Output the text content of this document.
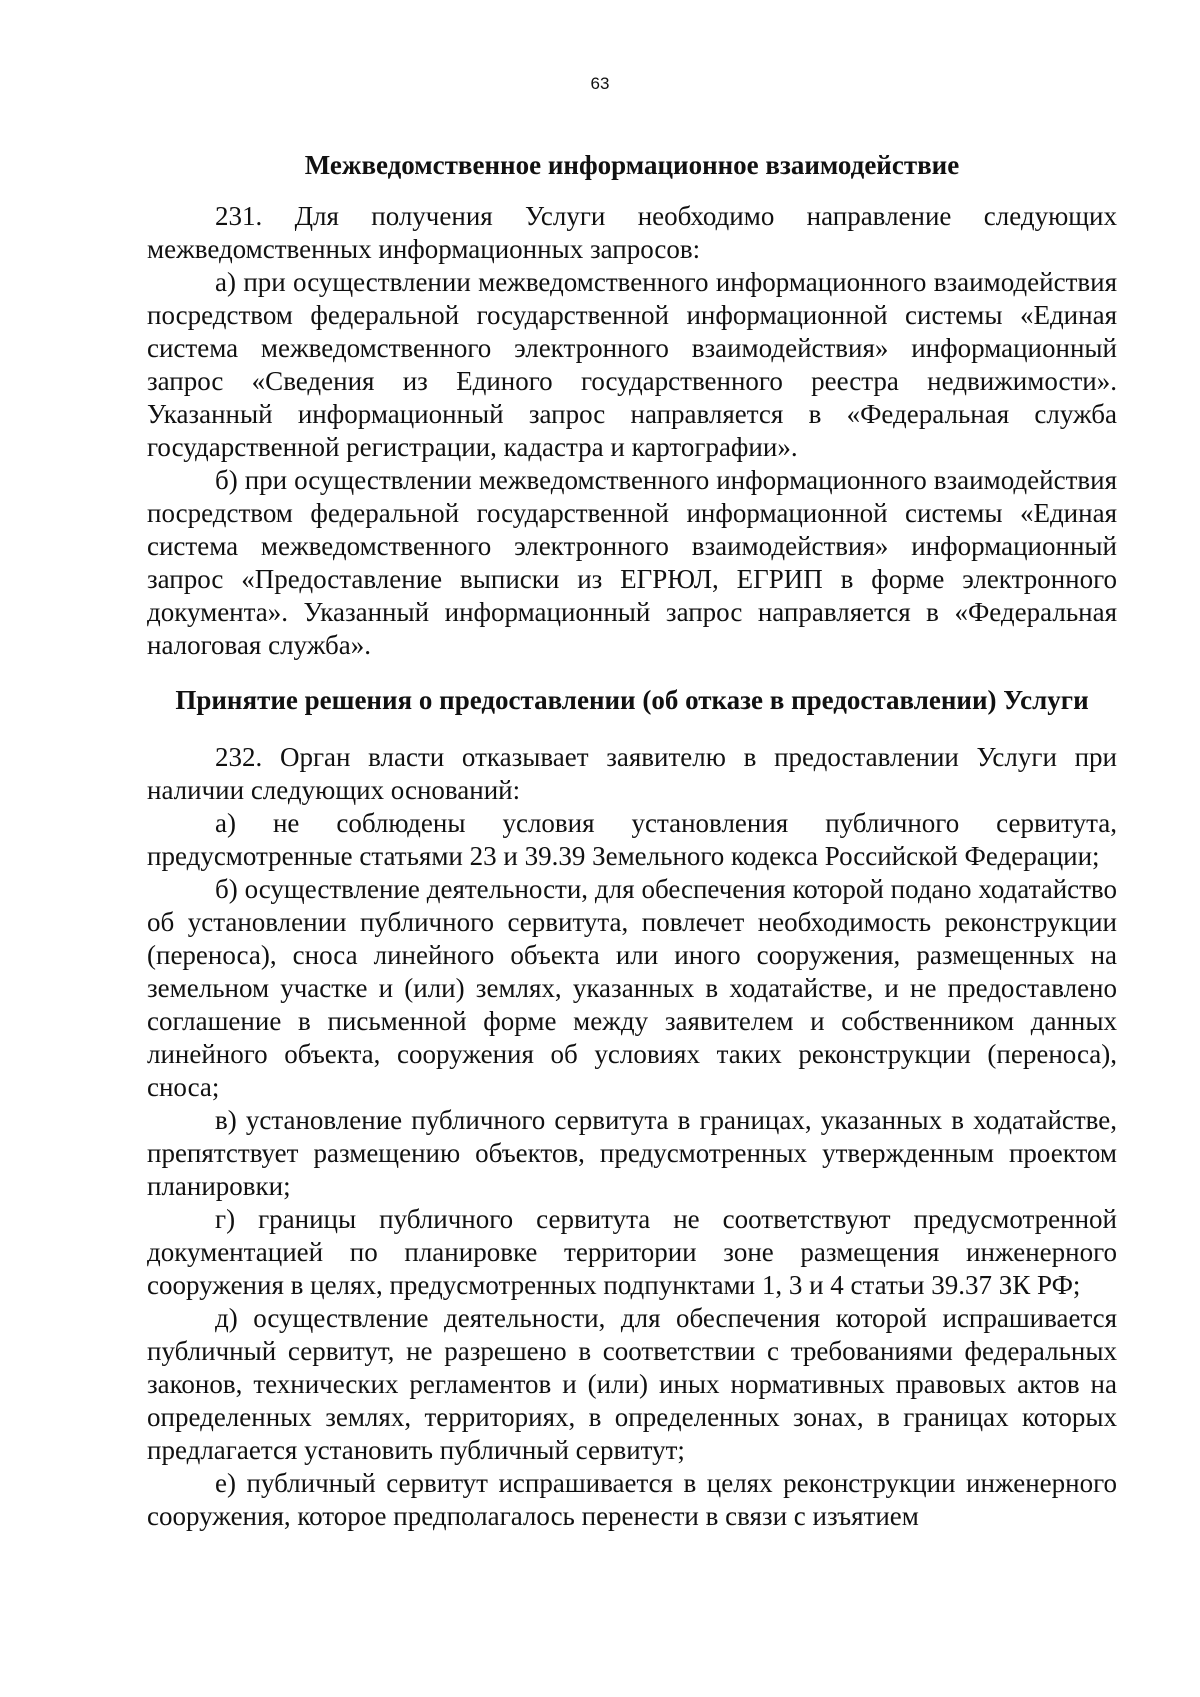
63

Межведомственное информационное взаимодействие

231. Для получения Услуги необходимо направление следующих межведомственных информационных запросов:

а) при осуществлении межведомственного информационного взаимодействия посредством федеральной государственной информационной системы «Единая система межведомственного электронного взаимодействия» информационный запрос «Сведения из Единого государственного реестра недвижимости». Указанный информационный запрос направляется в «Федеральная служба государственной регистрации, кадастра и картографии».

б) при осуществлении межведомственного информационного взаимодействия посредством федеральной государственной информационной системы «Единая система межведомственного электронного взаимодействия» информационный запрос «Предоставление выписки из ЕГРЮЛ, ЕГРИП в форме электронного документа». Указанный информационный запрос направляется в «Федеральная налоговая служба».

Принятие решения о предоставлении (об отказе в предоставлении) Услуги

232. Орган власти отказывает заявителю в предоставлении Услуги при наличии следующих оснований:

а) не соблюдены условия установления публичного сервитута, предусмотренные статьями 23 и 39.39 Земельного кодекса Российской Федерации;

б) осуществление деятельности, для обеспечения которой подано ходатайство об установлении публичного сервитута, повлечет необходимость реконструкции (переноса), сноса линейного объекта или иного сооружения, размещенных на земельном участке и (или) землях, указанных в ходатайстве, и не предоставлено соглашение в письменной форме между заявителем и собственником данных линейного объекта, сооружения об условиях таких реконструкции (переноса), сноса;

в) установление публичного сервитута в границах, указанных в ходатайстве, препятствует размещению объектов, предусмотренных утвержденным проектом планировки;

г) границы публичного сервитута не соответствуют предусмотренной документацией по планировке территории зоне размещения инженерного сооружения в целях, предусмотренных подпунктами 1, 3 и 4 статьи 39.37 ЗК РФ;

д) осуществление деятельности, для обеспечения которой испрашивается публичный сервитут, не разрешено в соответствии с требованиями федеральных законов, технических регламентов и (или) иных нормативных правовых актов на определенных землях, территориях, в определенных зонах, в границах которых предлагается установить публичный сервитут;

е) публичный сервитут испрашивается в целях реконструкции инженерного сооружения, которое предполагалось перенести в связи с изъятием
